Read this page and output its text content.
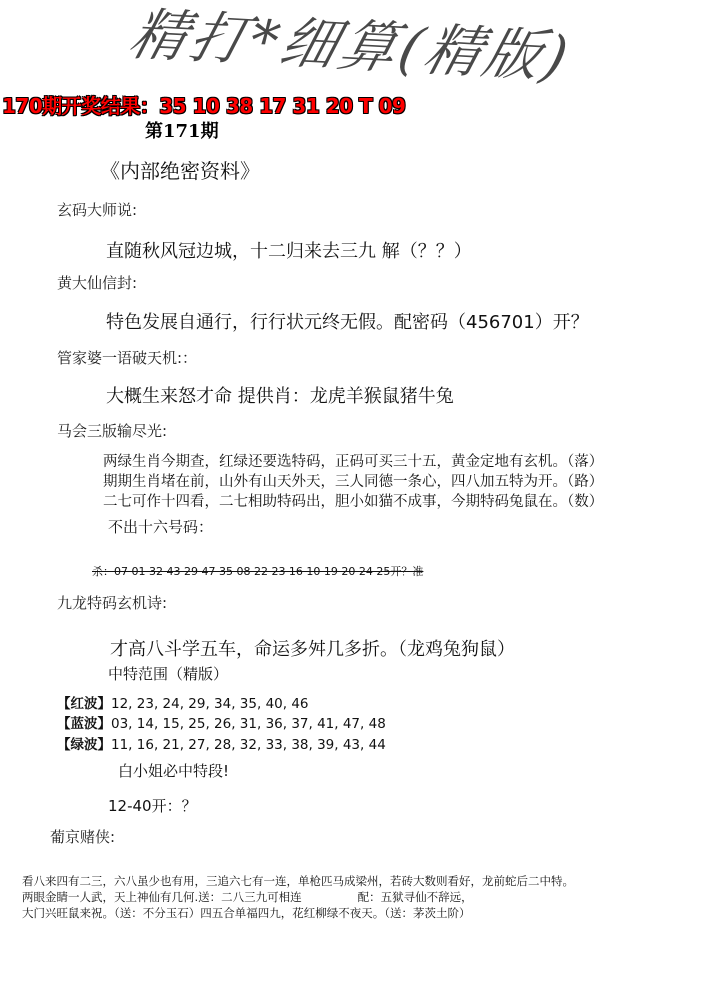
精打*细算(精版)
170期开奖结果：35 10 38 17 31 20 T 09
第171期
《内部绝密资料》
玄码大师说:
直随秋风冠边城，十二归来去三九 解（？？）
黄大仙信封:
特色发展自通行，行行状元终无假。配密码（456701）开？
管家婆一语破天机:：
大概生来怒才命 提供肖：龙虎羊猴鼠猪牛兔
马会三版输尽光:
两绿生肖今期查，红绿还要选特码，正码可买三十五，黄金定地有玄机。（落）
期期生肖堵在前，山外有山天外天，三人同德一条心，四八加五特为开。（路）
二七可作十四看，二七相助特码出，胆小如猫不成事，今期特码兔鼠在。（数）
不出十六号码：
杀：07 01 32 43 29 47 35 08 22 23 16 10 19 20 24 25开？准
九龙特码玄机诗:
才高八斗学五车，命运多舛几多折。（龙鸡兔狗鼠）
中特范围（精版）
【红波】12, 23, 24, 29, 34, 35, 40, 46
【蓝波】03, 14, 15, 25, 26, 31, 36, 37, 41, 47, 48
【绿波】11, 16, 21, 27, 28, 32, 33, 38, 39, 43, 44
白小姐必中特段!
12-40开：？
葡京赌侠:
看八来四有二三，六八虽少也有用，三追六七有一连，单枪匹马成梁州，若砖大数则看好，龙前蛇后二中特。
两眼金睛一人武，天上神仙有几何.送：二八三九可相连	配：五狱寻仙不辞远，
大门兴旺鼠来祝。（送：不分玉石）四五合单福四九，花红柳绿不夜天。（送：茅茨土阶）
